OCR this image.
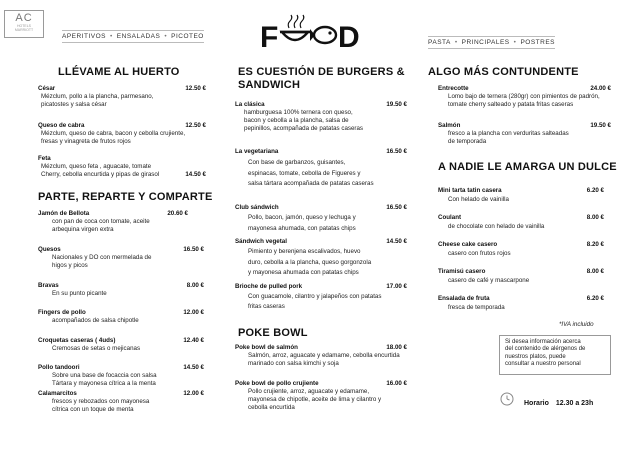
AC
HOTELS
MARRIOTT
APERITIVOS • ENSALADAS • PICOTEO F D	PASTA • PRINCIPALES • POSTRES
LLÉVAME AL HUERTO
César	12.50 €
Mézclum, pollo a la plancha, parmesano,
picatostes y salsa césar
Queso de cabra	12.50 €
Mézclum, queso de cabra, bacon y cebolla crujiente,
fresas y vinagreta de frutos rojos
Feta
Mézclum, queso feta , aguacate, tomate
Cherry, cebolla encurtida y pipas de girasol	14.50 €
PARTE, REPARTE Y COMPARTE
Jamón de Bellota	20.60 €
con pan de coca con tomate, aceite
arbequina virgen extra
Quesos	16.50 €
Nacionales y DO con mermelada de
higos y picos
Bravas	8.00 €
En su punto picante
Fingers de pollo	12.00 €
acompañados de salsa chipotle
Croquetas caseras ( 4uds)	12.40 €
Cremosas de setas o mejicanas
Pollo tandoori	14.50 €
Sobre una base de focaccia con salsa
Tártara y mayonesa cítrica a la menta
Calamarcitos	12.00 €
frescos y rebozados con mayonesa
cítrica con un toque de menta
ES CUESTIÓN DE BURGERS &
SANDWICH
La clásica	19.50 €
hamburguesa 100% ternera con queso,
bacon y cebolla a la plancha, salsa de
pepinillos, acompañada de patatas caseras
La vegetariana	16.50 €
Con base de garbanzos, guisantes,
espinacas, tomate, cebolla de Figueres y
salsa tártara acompañada de patatas caseras
Club sándwich	16.50 €
Pollo, bacon, jamón, queso y lechuga y
mayonesa ahumada, con patatas chips
Sándwich vegetal	14.50 €
Pimiento y berenjena escalivados, huevo
duro, cebolla a la plancha, queso gorgonzola
y mayonesa ahumada con patatas chips
Brioche de pulled pork	17.00 €
Con guacamole, cilantro y jalapeños con patatas
fritas caseras
POKE BOWL
Poke bowl de salmón	18.00 €
Salmón, arroz, aguacate y edamame, cebolla encurtida
marinado con salsa kimchi y soja
Poke bowl de pollo crujiente	16.00 €
Pollo crujiente, arroz, aguacate y edamame,
mayonesa de chipotle, aceite de lima y cilantro y
cebolla encurtida
ALGO MÁS CONTUNDENTE
Entrecotte	24.00 €
Lomo bajo de ternera (280gr) con pimientos de padrón,
tomate cherry salteado y patata fritas caseras
Salmón	19.50 €
fresco a la plancha con verduritas salteadas
de temporada
A NADIE LE AMARGA UN DULCE
Mini tarta tatin casera	6.20 €
Con helado de vainilla
Coulant	8.00 €
de chocolate con helado de vainilla
Cheese cake casero	8.20 €
casero con frutos rojos
Tiramisú casero	8.00 €
casero de café y mascarpone
Ensalada de fruta	6.20 €
fresca de temporada
*IVA incluido
Si desea información acerca
del contenido de alérgenos de
nuestros platos, puede
consultar a nuestro personal
Horario 12.30 a 23h
